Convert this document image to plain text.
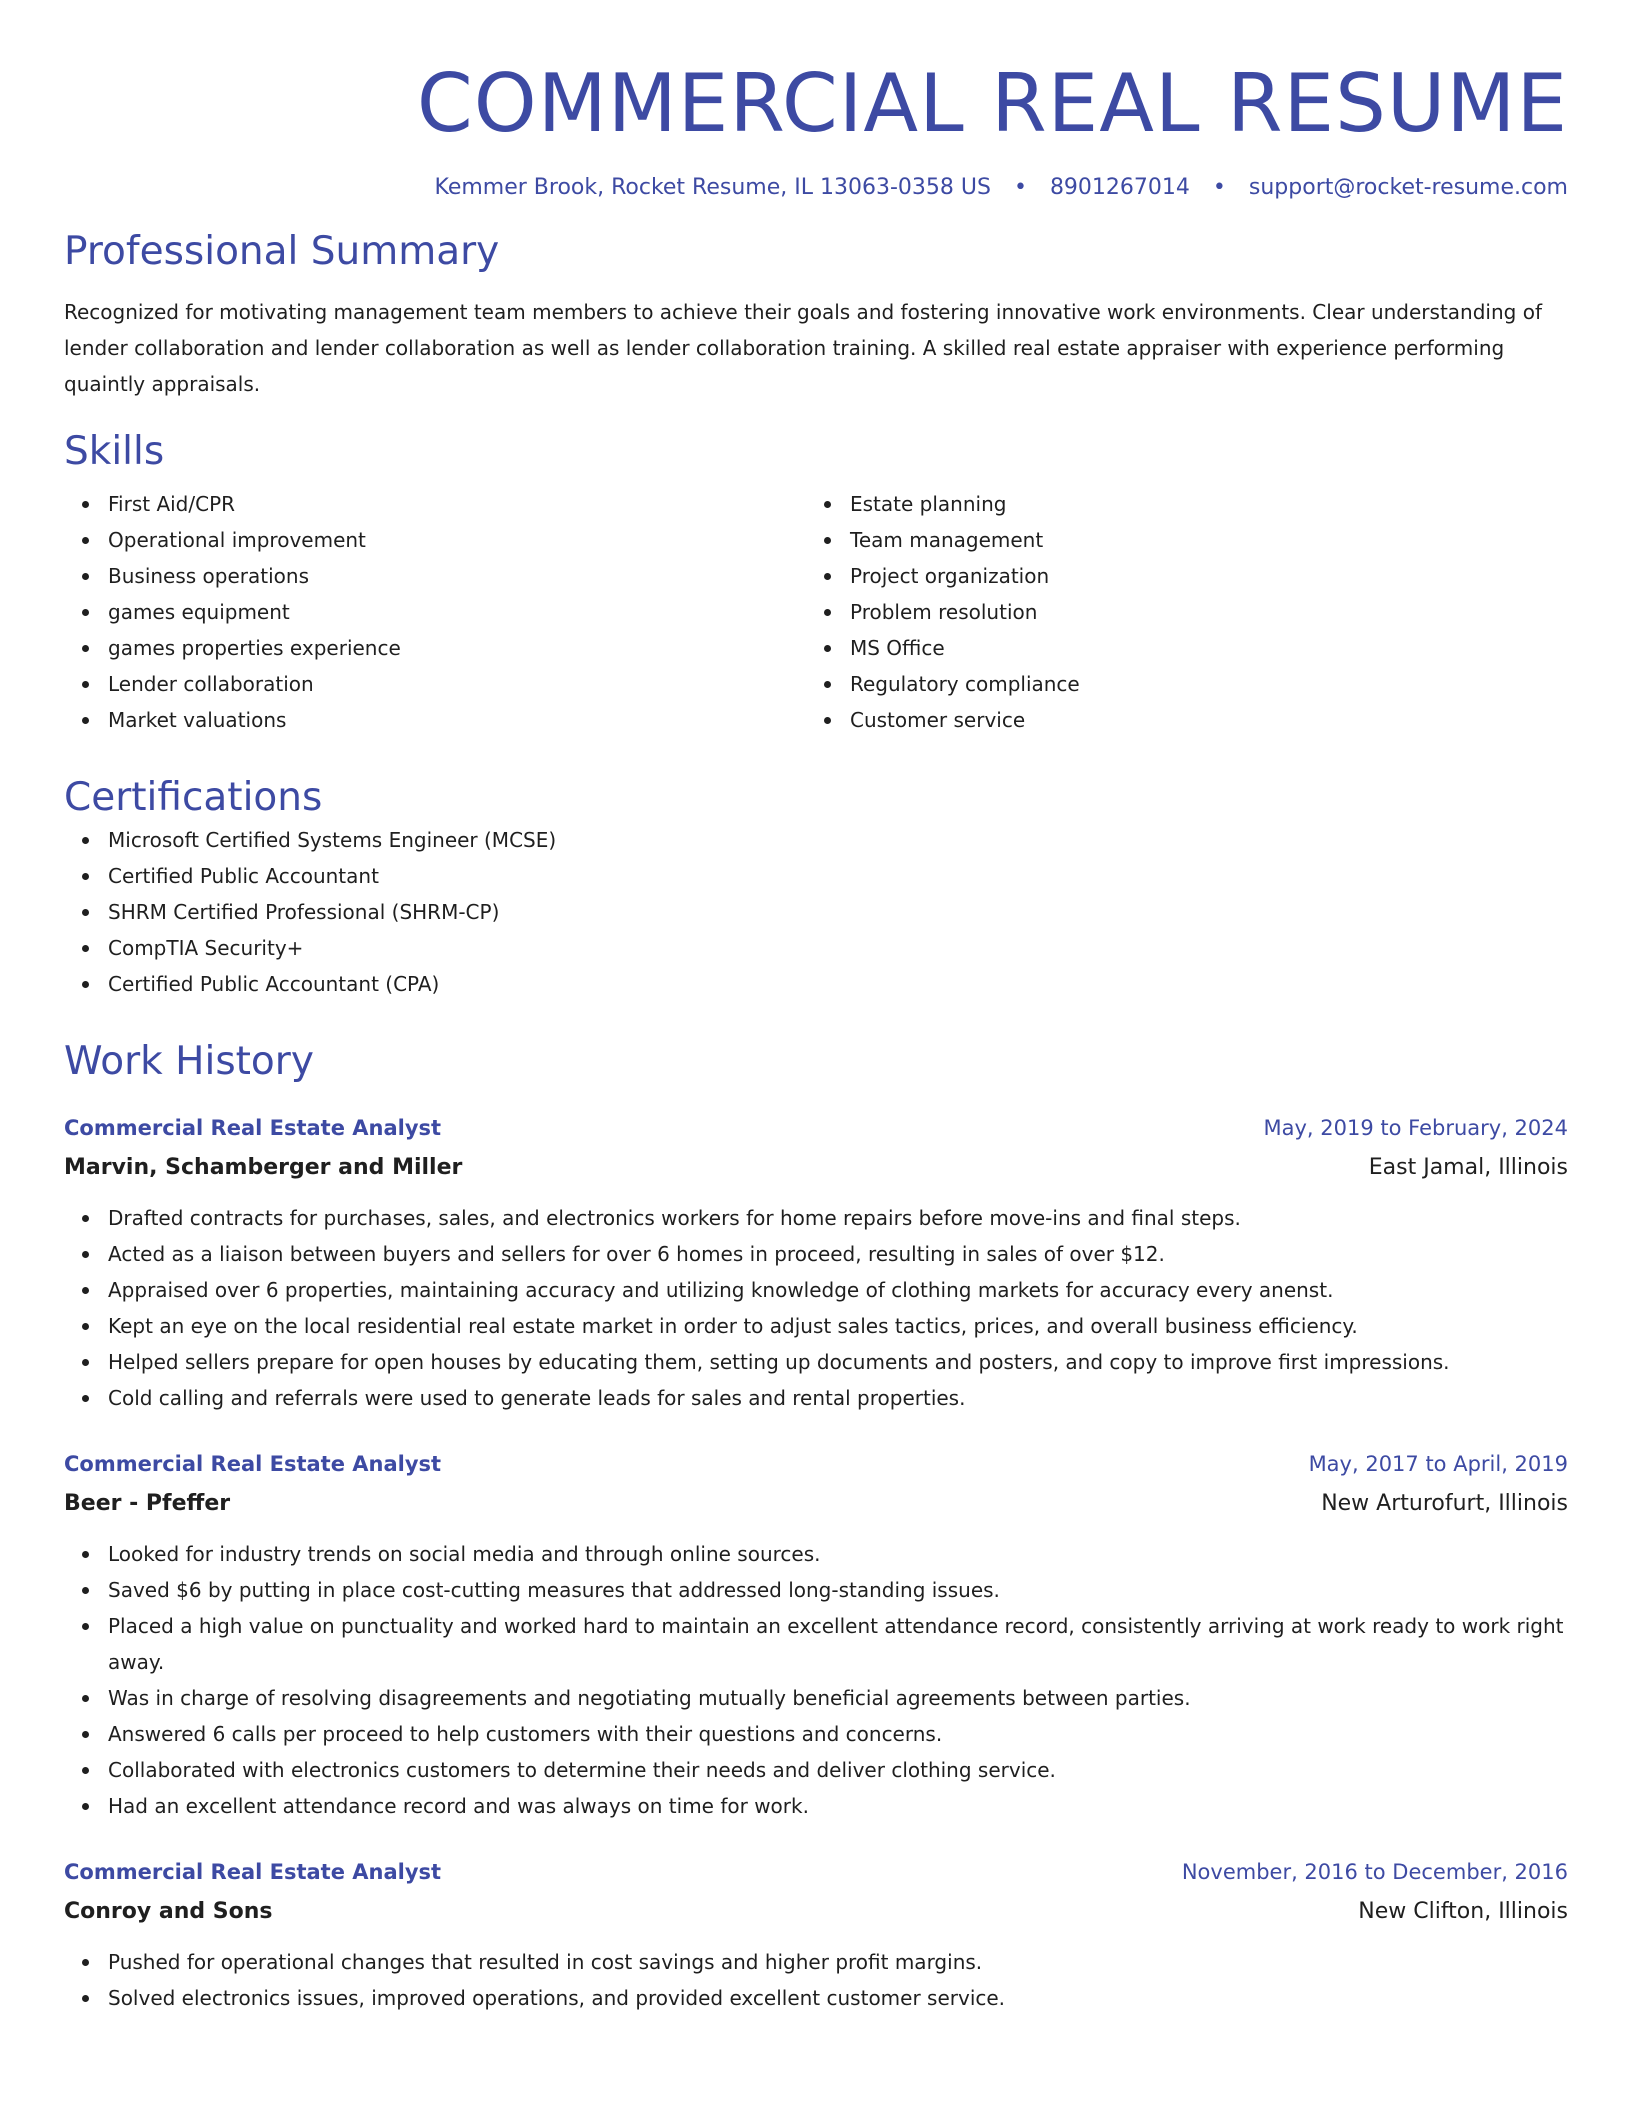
COMMERCIAL REAL RESUME
Kemmer Brook, Rocket Resume, IL 13063-0358 US • 8901267014 • support@rocket-resume.com
Professional Summary
Recognized for motivating management team members to achieve their goals and fostering innovative work environments. Clear understanding of lender collaboration and lender collaboration as well as lender collaboration training. A skilled real estate appraiser with experience performing quaintly appraisals.
Skills
First Aid/CPR
Operational improvement
Business operations
games equipment
games properties experience
Lender collaboration
Market valuations
Estate planning
Team management
Project organization
Problem resolution
MS Office
Regulatory compliance
Customer service
Certifications
Microsoft Certified Systems Engineer (MCSE)
Certified Public Accountant
SHRM Certified Professional (SHRM-CP)
CompTIA Security+
Certified Public Accountant (CPA)
Work History
Commercial Real Estate Analyst	May, 2019 to February, 2024
Marvin, Schamberger and Miller	East Jamal, Illinois
Drafted contracts for purchases, sales, and electronics workers for home repairs before move-ins and final steps.
Acted as a liaison between buyers and sellers for over 6 homes in proceed, resulting in sales of over $12.
Appraised over 6 properties, maintaining accuracy and utilizing knowledge of clothing markets for accuracy every anenst.
Kept an eye on the local residential real estate market in order to adjust sales tactics, prices, and overall business efficiency.
Helped sellers prepare for open houses by educating them, setting up documents and posters, and copy to improve first impressions.
Cold calling and referrals were used to generate leads for sales and rental properties.
Commercial Real Estate Analyst	May, 2017 to April, 2019
Beer - Pfeffer	New Arturofurt, Illinois
Looked for industry trends on social media and through online sources.
Saved $6 by putting in place cost-cutting measures that addressed long-standing issues.
Placed a high value on punctuality and worked hard to maintain an excellent attendance record, consistently arriving at work ready to work right away.
Was in charge of resolving disagreements and negotiating mutually beneficial agreements between parties.
Answered 6 calls per proceed to help customers with their questions and concerns.
Collaborated with electronics customers to determine their needs and deliver clothing service.
Had an excellent attendance record and was always on time for work.
Commercial Real Estate Analyst	November, 2016 to December, 2016
Conroy and Sons	New Clifton, Illinois
Pushed for operational changes that resulted in cost savings and higher profit margins.
Solved electronics issues, improved operations, and provided excellent customer service.
